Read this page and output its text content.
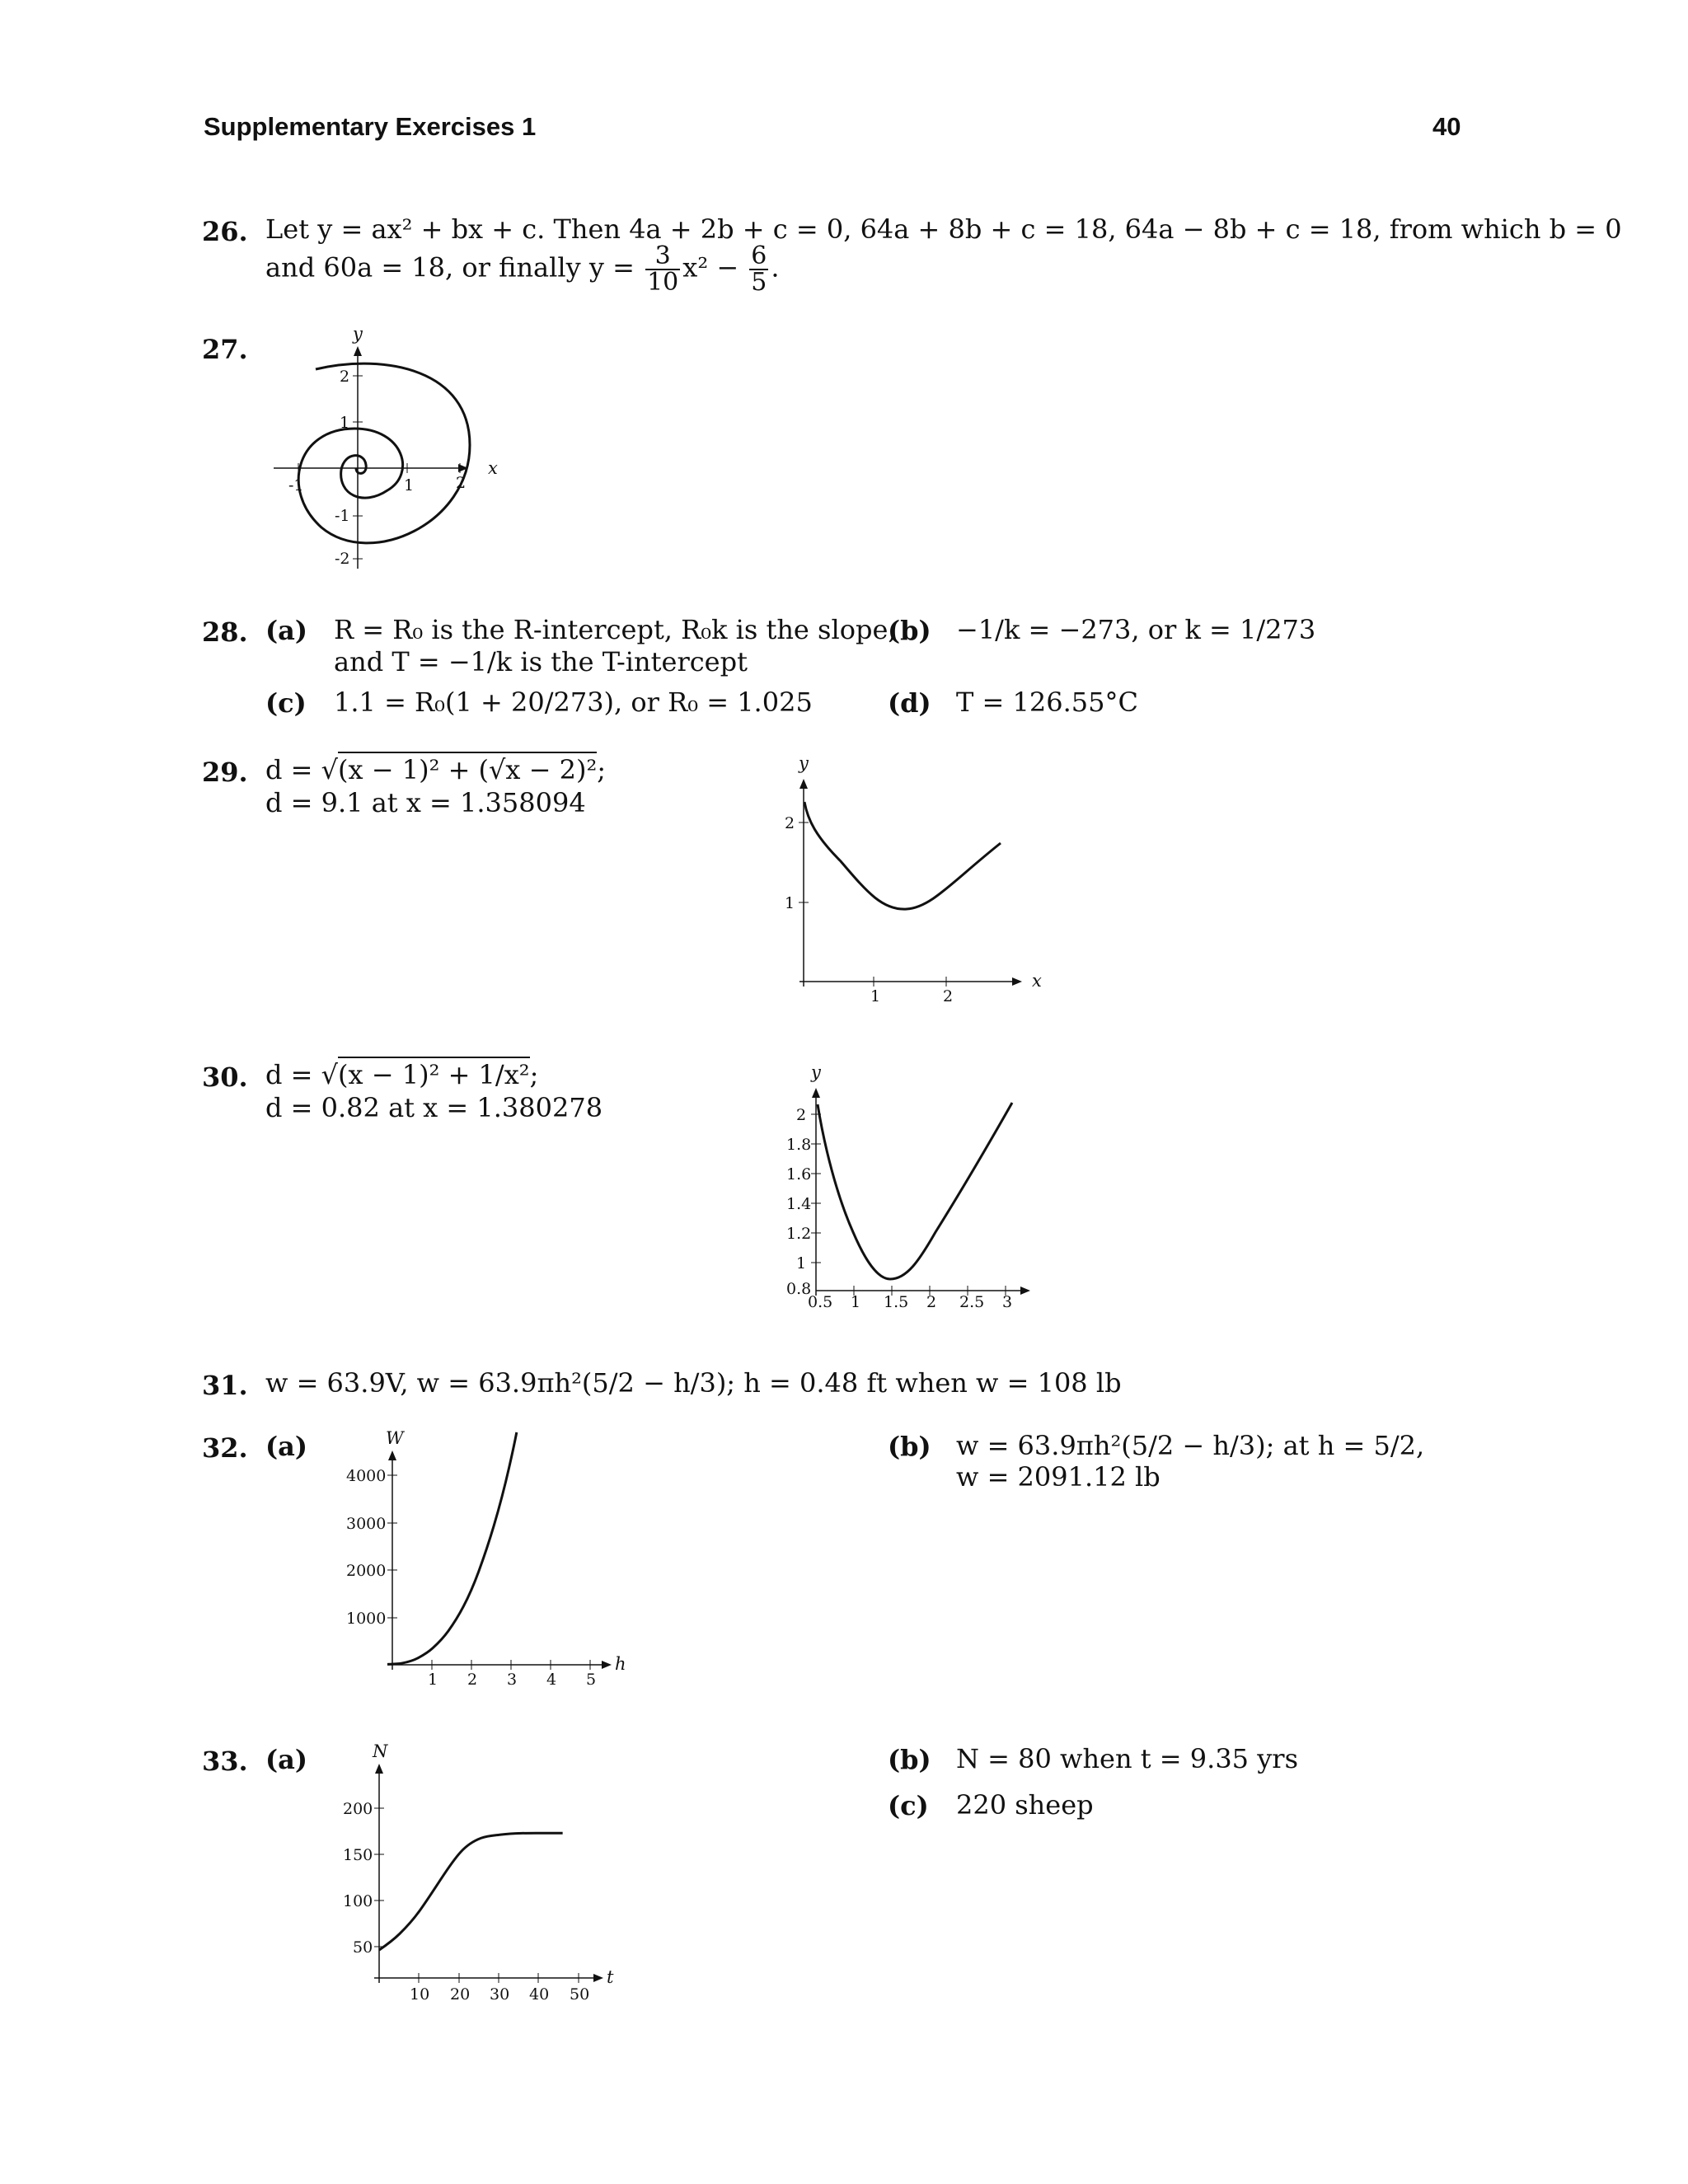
Supplementary Exercises 1	40
26. Let y = ax² + bx + c. Then 4a + 2b + c = 0, 64a + 8b + c = 18, 64a − 8b + c = 18, from which b = 0
and 60a = 18, or finally $y = \frac{3}{10} x^2 - \frac{6}{5}$ .
27.
x
y
-1	1	2
2
1
-1
-2
28. (a) R = R₀ is the R-intercept, R₀k is the slope,
and T = −1/k is the T-intercept
(b) −1/k = −273, or k = 1/273
(c) 1.1 = R₀(1 + 20/273), or R₀ = 1.025	(d) T = 126.55°C
29. d = √(x − 1)² + (√x − 2)²;
d = 9.1 at x = 1.358094
x
y
1	2
2
1
30. d = √(x − 1)² + 1/x²;
d = 0.82 at x = 1.380278
y
0.5 1 1.5 2 2.5 3
2
1.8
1.6
1.4
1.2
1
0.8
31. w = 63.9V, w = 63.9πh²(5/2 − h/3); h = 0.48 ft when w = 108 lb
32. (a)	(b) w = 63.9πh²(5/2 − h/3); at h = 5/2,
w = 2091.12 lb
h
W
1 2 3 4 5
4000
3000
2000
1000
33. (a)	(b) N = 80 when t = 9.35 yrs
(c) 220 sheep
t
N
10 20 30 40 50
200
150
100
50
